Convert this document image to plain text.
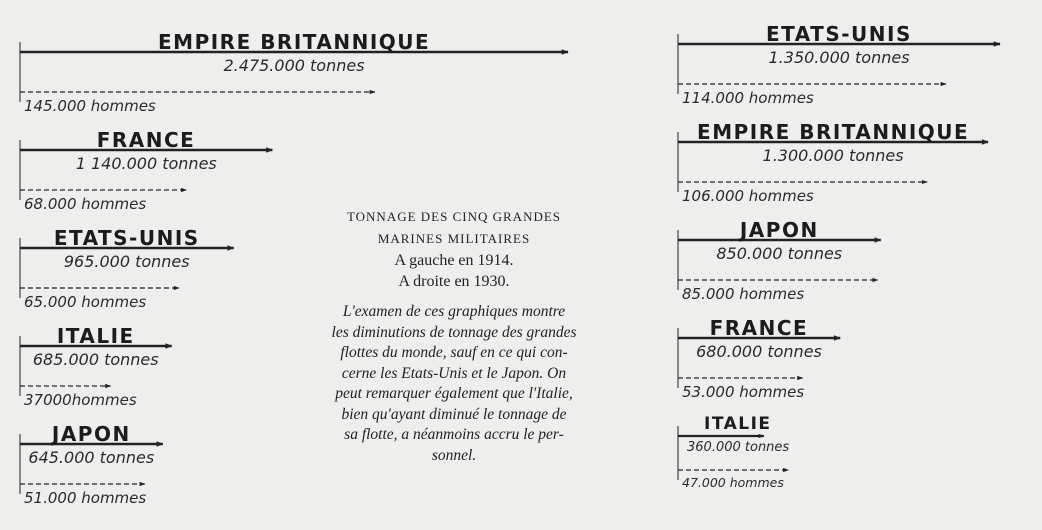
EMPIRE BRITANNIQUE
2.475.000 tonnes
145.000 hommes
FRANCE
1 140.000 tonnes
68.000 hommes
ETATS-UNIS
965.000 tonnes
65.000 hommes
ITALIE
685.000 tonnes
37000hommes
JAPON
645.000 tonnes
51.000 hommes
ETATS-UNIS
1.350.000 tonnes
114.000 hommes
EMPIRE BRITANNIQUE
1.300.000 tonnes
106.000 hommes
JAPON
850.000 tonnes
85.000 hommes
FRANCE
680.000 tonnes
53.000 hommes
ITALIE
360.000 tonnes
47.000 hommes
TONNAGE DES CINQ GRANDES
MARINES MILITAIRES
A gauche en 1914.
A droite en 1930.
L'examen de ces graphiques montre
les diminutions de tonnage des grandes
flottes du monde, sauf en ce qui con-
cerne les Etats-Unis et le Japon. On
peut remarquer également que l'Italie,
bien qu'ayant diminué le tonnage de
sa flotte, a néanmoins accru le per-
sonnel.
